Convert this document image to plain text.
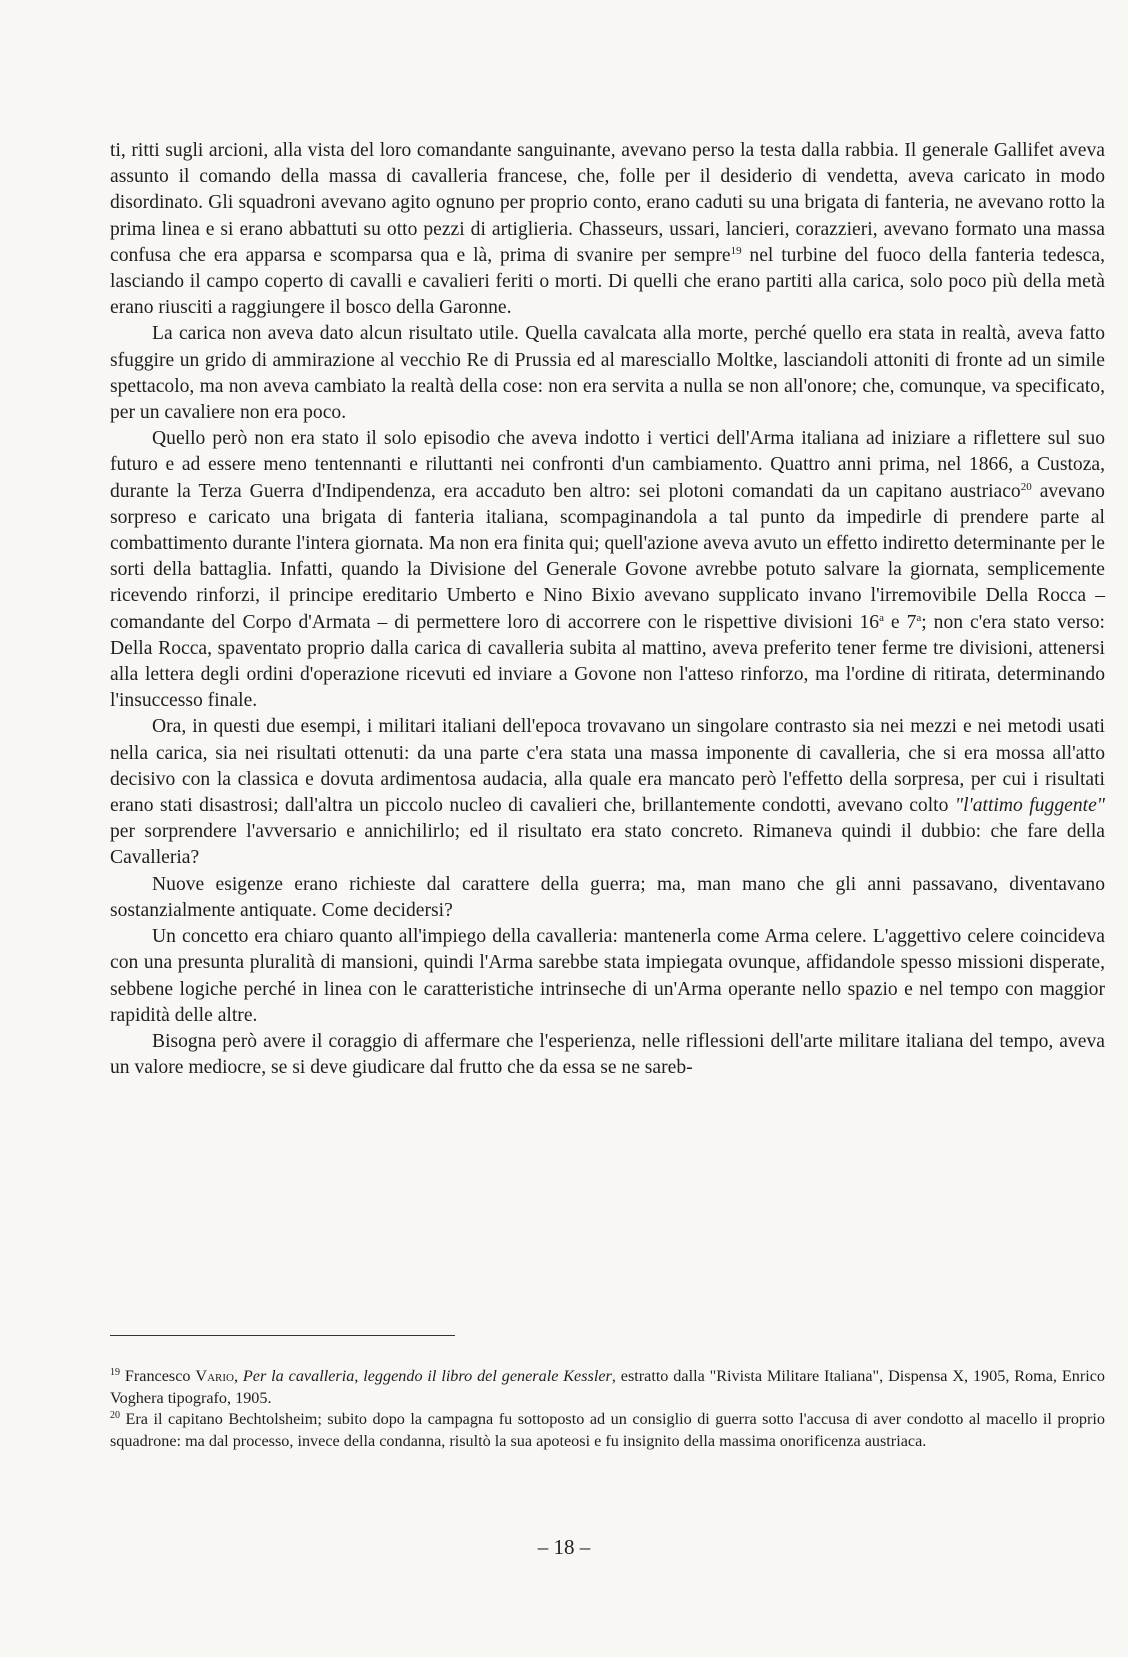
ti, ritti sugli arcioni, alla vista del loro comandante sanguinante, avevano perso la testa dalla rabbia. Il generale Gallifet aveva assunto il comando della massa di cavalleria francese, che, folle per il desiderio di vendetta, aveva caricato in modo disordinato. Gli squadroni avevano agito ognuno per proprio conto, erano caduti su una brigata di fanteria, ne avevano rotto la prima linea e si erano abbattuti su otto pezzi di artiglieria. Chasseurs, ussari, lancieri, corazzieri, avevano formato una massa confusa che era apparsa e scomparsa qua e là, prima di svanire per sempre$^{19}$ nel turbine del fuoco della fanteria tedesca, lasciando il campo coperto di cavalli e cavalieri feriti o morti. Di quelli che erano partiti alla carica, solo poco più della metà erano riusciti a raggiungere il bosco della Garonne.

La carica non aveva dato alcun risultato utile. Quella cavalcata alla morte, perché quello era stata in realtà, aveva fatto sfuggire un grido di ammirazione al vecchio Re di Prussia ed al maresciallo Moltke, lasciandoli attoniti di fronte ad un simile spettacolo, ma non aveva cambiato la realtà della cose: non era servita a nulla se non all'onore; che, comunque, va specificato, per un cavaliere non era poco.

Quello però non era stato il solo episodio che aveva indotto i vertici dell'Arma italiana ad iniziare a riflettere sul suo futuro e ad essere meno tentennanti e riluttanti nei confronti d'un cambiamento. Quattro anni prima, nel 1866, a Custoza, durante la Terza Guerra d'Indipendenza, era accaduto ben altro: sei plotoni comandati da un capitano austriaco$^{20}$ avevano sorpreso e caricato una brigata di fanteria italiana, scompaginandola a tal punto da impedirle di prendere parte al combattimento durante l'intera giornata. Ma non era finita qui; quell'azione aveva avuto un effetto indiretto determinante per le sorti della battaglia. Infatti, quando la Divisione del Generale Govone avrebbe potuto salvare la giornata, semplicemente ricevendo rinforzi, il principe ereditario Umberto e Nino Bixio avevano supplicato invano l'irremovibile Della Rocca – comandante del Corpo d'Armata – di permettere loro di accorrere con le rispettive divisioni 16$^a$ e 7$^a$; non c'era stato verso: Della Rocca, spaventato proprio dalla carica di cavalleria subita al mattino, aveva preferito tener ferme tre divisioni, attenersi alla lettera degli ordini d'operazione ricevuti ed inviare a Govone non l'atteso rinforzo, ma l'ordine di ritirata, determinando l'insuccesso finale.

Ora, in questi due esempi, i militari italiani dell'epoca trovavano un singolare contrasto sia nei mezzi e nei metodi usati nella carica, sia nei risultati ottenuti: da una parte c'era stata una massa imponente di cavalleria, che si era mossa all'atto decisivo con la classica e dovuta ardimentosa audacia, alla quale era mancato però l'effetto della sorpresa, per cui i risultati erano stati disastrosi; dall'altra un piccolo nucleo di cavalieri che, brillantemente condotti, avevano colto "l'attimo fuggente" per sorprendere l'avversario e annichilirlo; ed il risultato era stato concreto. Rimaneva quindi il dubbio: che fare della Cavalleria?

Nuove esigenze erano richieste dal carattere della guerra; ma, man mano che gli anni passavano, diventavano sostanzialmente antiquate. Come decidersi?

Un concetto era chiaro quanto all'impiego della cavalleria: mantenerla come Arma celere. L'aggettivo celere coincideva con una presunta pluralità di mansioni, quindi l'Arma sarebbe stata impiegata ovunque, affidandole spesso missioni disperate, sebbene logiche perché in linea con le caratteristiche intrinseche di un'Arma operante nello spazio e nel tempo con maggior rapidità delle altre.

Bisogna però avere il coraggio di affermare che l'esperienza, nelle riflessioni dell'arte militare italiana del tempo, aveva un valore mediocre, se si deve giudicare dal frutto che da essa se ne sareb-

$^{19}$ Francesco Vario, Per la cavalleria, leggendo il libro del generale Kessler, estratto dalla "Rivista Militare Italiana", Dispensa X, 1905, Roma, Enrico Voghera tipografo, 1905.

$^{20}$ Era il capitano Bechtolsheim; subito dopo la campagna fu sottoposto ad un consiglio di guerra sotto l'accusa di aver condotto al macello il proprio squadrone: ma dal processo, invece della condanna, risultò la sua apoteosi e fu insignito della massima onorificenza austriaca.

– 18 –
